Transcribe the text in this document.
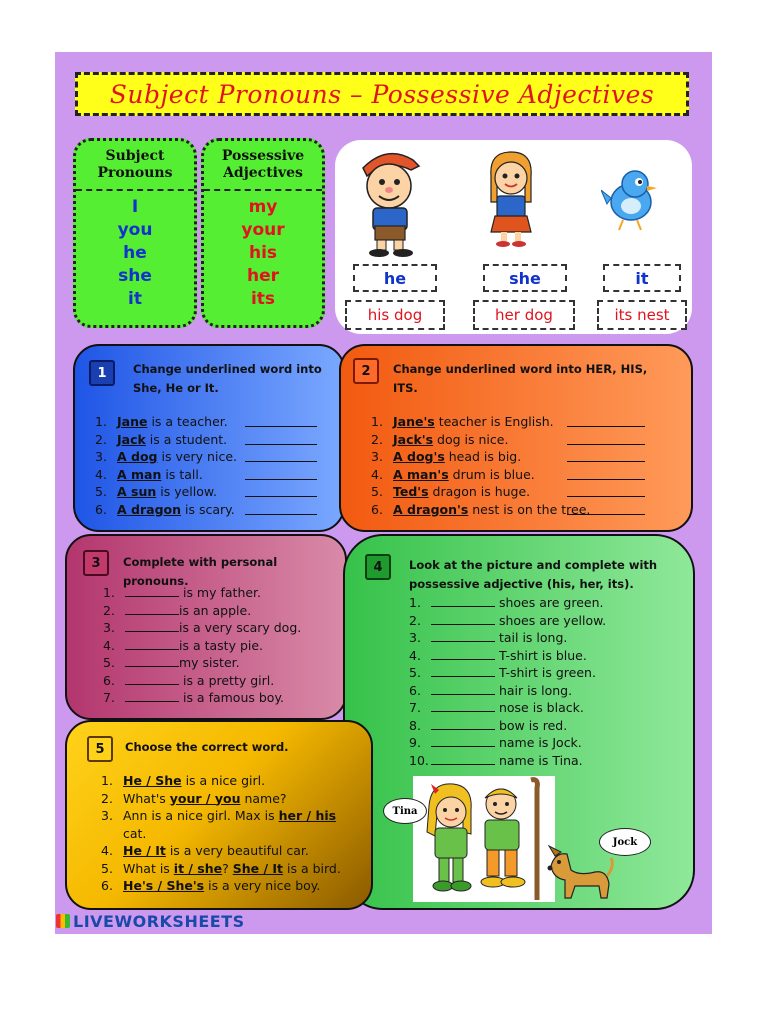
Subject Pronouns – Possessive Adjectives
Subject
Pronouns
I
you
he
she
it
Possessive
Adjectives
my
your
his
her
its
he	she	it
his dog	her dog	its nest
1	Change underlined word into
She, He or It.
1. Jane is a teacher.
2. Jack is a student.
3. A dog is very nice.
4. A man is tall.
5. A sun is yellow.
6. A dragon is scary.
2	Change underlined word into HER, HIS,
ITS.
1. Jane's teacher is English.
2. Jack's dog is nice.
3. A dog's head is big.
4. A man's drum is blue.
5. Ted's dragon is huge.
6. A dragon's nest is on the tree.
3	Complete with personal pronouns.
1.	is my father.
2.	is an apple.
3.	is a very scary dog.
4.	is a tasty pie.
5.	my sister.
6.	is a pretty girl.
7.	is a famous boy.
4	Look at the picture and complete with
possessive adjective (his, her, its).
1.	shoes are green.
2.	shoes are yellow.
3.	tail is long.
4.	T-shirt is blue.
5.	T-shirt is green.
6.	hair is long.
7.	nose is black.
8.	bow is red.
9.	name is Jock.
10.	name is Tina.
Tina
Jock
5	Choose the correct word.
1. He / She is a nice girl.
2. What's your / you name?
3. Ann is a nice girl. Max is her / his
cat.
4. He / It is a very beautiful car.
5. What is it / she? She / It is a bird.
6. He's / She's is a very nice boy.
LIVEWORKSHEETS
